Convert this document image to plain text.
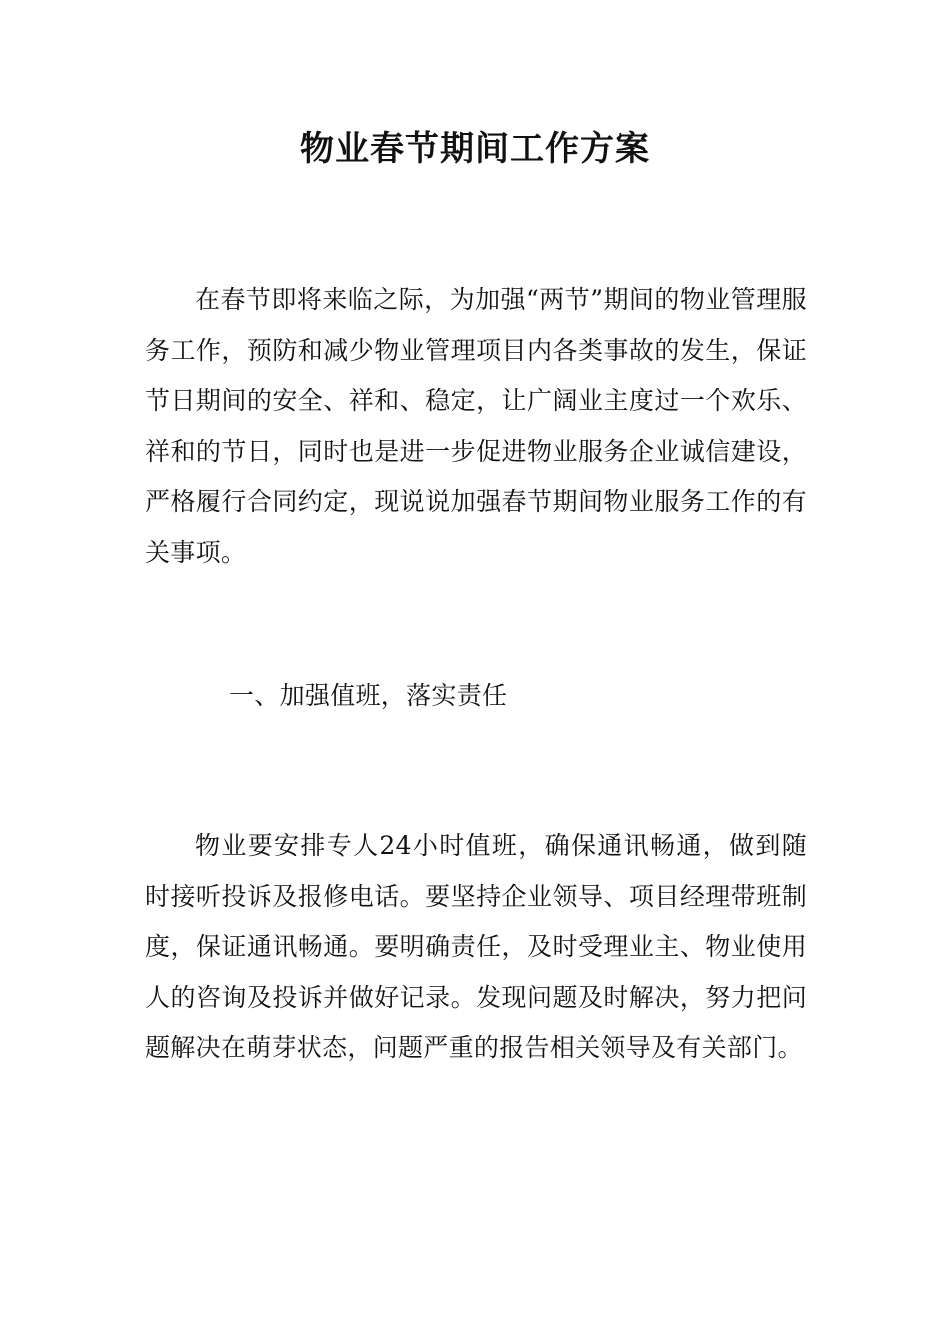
物业春节期间工作方案

在春节即将来临之际，为加强“两节”期间的物业管理服务工作，预防和减少物业管理项目内各类事故的发生，保证节日期间的安全、祥和、稳定，让广阔业主度过一个欢乐、祥和的节日，同时也是进一步促进物业服务企业诚信建设，严格履行合同约定，现说说加强春节期间物业服务工作的有关事项。

一、加强值班，落实责任

物业要安排专人24小时值班，确保通讯畅通，做到随时接听投诉及报修电话。要坚持企业领导、项目经理带班制度，保证通讯畅通。要明确责任，及时受理业主、物业使用人的咨询及投诉并做好记录。发现问题及时解决，努力把问题解决在萌芽状态，问题严重的报告相关领导及有关部门。
